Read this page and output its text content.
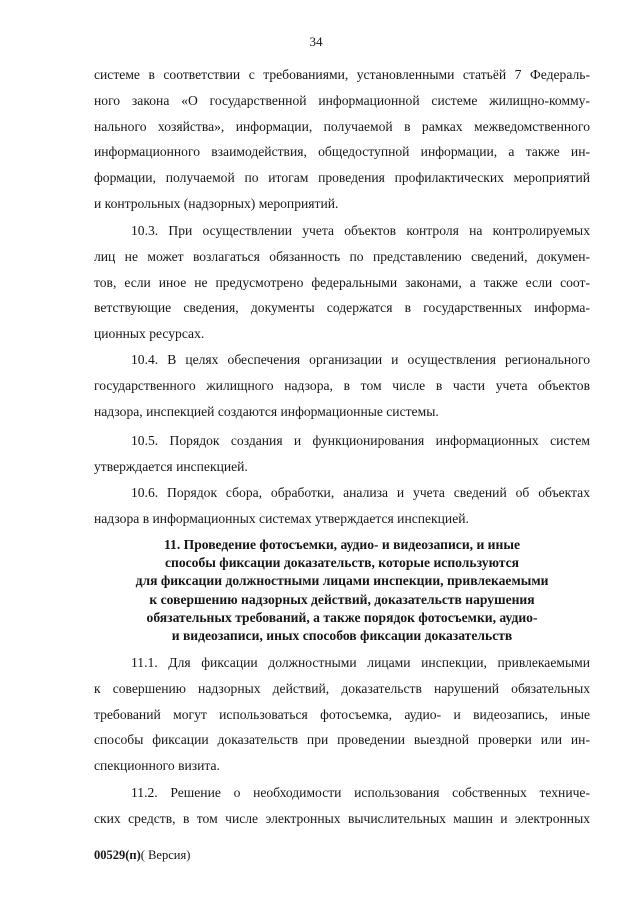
34

системе в соответствии с требованиями, установленными статьёй 7 Федераль-
ного закона «О государственной информационной системе жилищно-комму-
нального хозяйства», информации, получаемой в рамках межведомственного
информационного взаимодействия, общедоступной информации, а также ин-
формации, получаемой по итогам проведения профилактических мероприятий
и контрольных (надзорных) мероприятий.

10.3. При осуществлении учета объектов контроля на контролируемых
лиц не может возлагаться обязанность по представлению сведений, докумен-
тов, если иное не предусмотрено федеральными законами, а также если соот-
ветствующие сведения, документы содержатся в государственных информа-
ционных ресурсах.

10.4. В целях обеспечения организации и осуществления регионального
государственного жилищного надзора, в том числе в части учета объектов
надзора, инспекцией создаются информационные системы.

10.5. Порядок создания и функционирования информационных систем
утверждается инспекцией.

10.6. Порядок сбора, обработки, анализа и учета сведений об объектах
надзора в информационных системах утверждается инспекцией.

11. Проведение фотосъемки, аудио- и видеозаписи, и иные
способы фиксации доказательств, которые используются
для фиксации должностными лицами инспекции, привлекаемыми
к совершению надзорных действий, доказательств нарушения
обязательных требований, а также порядок фотосъемки, аудио-
и видеозаписи, иных способов фиксации доказательств

11.1. Для фиксации должностными лицами инспекции, привлекаемыми
к совершению надзорных действий, доказательств нарушений обязательных
требований могут использоваться фотосъемка, аудио- и видеозапись, иные
способы фиксации доказательств при проведении выездной проверки или ин-
спекционного визита.

11.2. Решение о необходимости использования собственных техниче-
ских средств, в том числе электронных вычислительных машин и электронных

00529(п)( Версия)
